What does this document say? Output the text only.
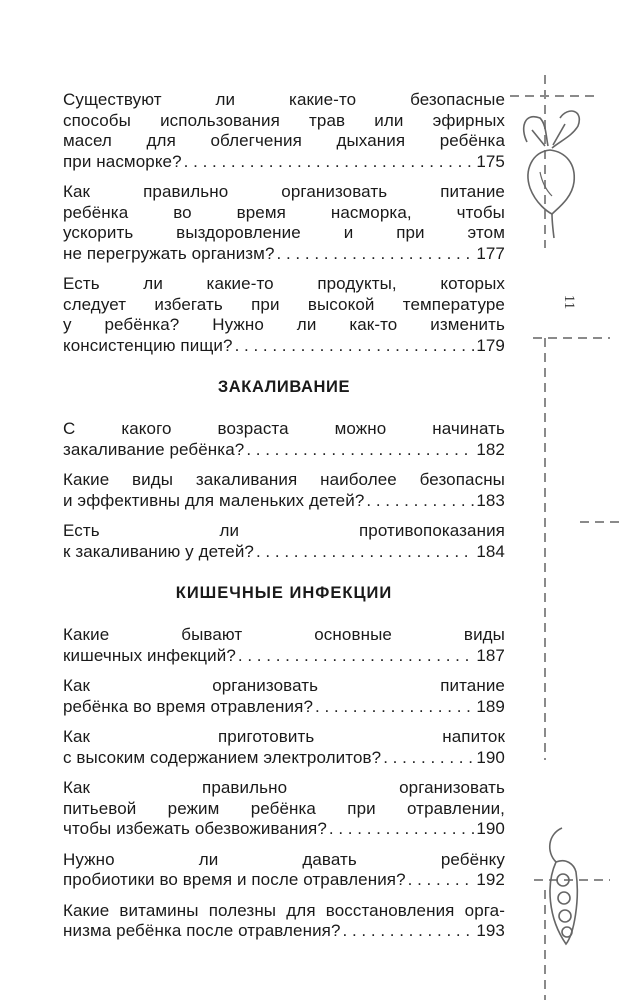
11
Существуют ли какие-то безопасные
способы использования трав или эфирных
масел для облегчения дыхания ребёнка
при насморке? . . .	175
Как правильно организовать питание
ребёнка во время насморка, чтобы
ускорить выздоровление и при этом
не перегружать организм? . . .	177
Есть ли какие-то продукты, которых
следует избегать при высокой температуре
у ребёнка? Нужно ли как-то изменить
консистенцию пищи? . . .	179
ЗАКАЛИВАНИЕ
С какого возраста можно начинать
закаливание ребёнка? . . .	182
Какие виды закаливания наиболее безопасны
и эффективны для маленьких детей? . . .	183
Есть ли противопоказания
к закаливанию у детей? . . .	184
КИШЕЧНЫЕ ИНФЕКЦИИ
Какие бывают основные виды
кишечных инфекций? . . .	187
Как организовать питание
ребёнка во время отравления? . . .	189
Как приготовить напиток
с высоким содержанием электролитов? . . .	190
Как правильно организовать
питьевой режим ребёнка при отравлении,
чтобы избежать обезвоживания? . . .	190
Нужно ли давать ребёнку
пробиотики во время и после отравления? . . .	192
Какие витамины полезны для восстановления орга-
низма ребёнка после отравления? . . .	193
